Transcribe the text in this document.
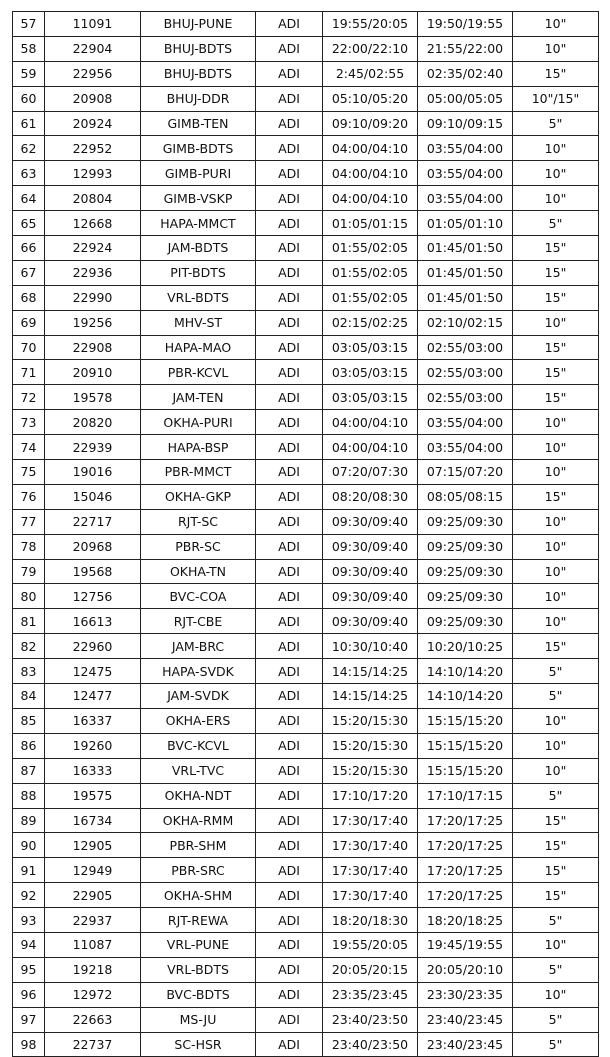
57	11091	BHUJ-PUNE	ADI	19:55/20:05	19:50/19:55	10"
58	22904	BHUJ-BDTS	ADI	22:00/22:10	21:55/22:00	10"
59	22956	BHUJ-BDTS	ADI	2:45/02:55	02:35/02:40	15"
60	20908	BHUJ-DDR	ADI	05:10/05:20	05:00/05:05	10"/15"
61	20924	GIMB-TEN	ADI	09:10/09:20	09:10/09:15	5"
62	22952	GIMB-BDTS	ADI	04:00/04:10	03:55/04:00	10"
63	12993	GIMB-PURI	ADI	04:00/04:10	03:55/04:00	10"
64	20804	GIMB-VSKP	ADI	04:00/04:10	03:55/04:00	10"
65	12668	HAPA-MMCT	ADI	01:05/01:15	01:05/01:10	5"
66	22924	JAM-BDTS	ADI	01:55/02:05	01:45/01:50	15"
67	22936	PIT-BDTS	ADI	01:55/02:05	01:45/01:50	15"
68	22990	VRL-BDTS	ADI	01:55/02:05	01:45/01:50	15"
69	19256	MHV-ST	ADI	02:15/02:25	02:10/02:15	10"
70	22908	HAPA-MAO	ADI	03:05/03:15	02:55/03:00	15"
71	20910	PBR-KCVL	ADI	03:05/03:15	02:55/03:00	15"
72	19578	JAM-TEN	ADI	03:05/03:15	02:55/03:00	15"
73	20820	OKHA-PURI	ADI	04:00/04:10	03:55/04:00	10"
74	22939	HAPA-BSP	ADI	04:00/04:10	03:55/04:00	10"
75	19016	PBR-MMCT	ADI	07:20/07:30	07:15/07:20	10"
76	15046	OKHA-GKP	ADI	08:20/08:30	08:05/08:15	15"
77	22717	RJT-SC	ADI	09:30/09:40	09:25/09:30	10"
78	20968	PBR-SC	ADI	09:30/09:40	09:25/09:30	10"
79	19568	OKHA-TN	ADI	09:30/09:40	09:25/09:30	10"
80	12756	BVC-COA	ADI	09:30/09:40	09:25/09:30	10"
81	16613	RJT-CBE	ADI	09:30/09:40	09:25/09:30	10"
82	22960	JAM-BRC	ADI	10:30/10:40	10:20/10:25	15"
83	12475	HAPA-SVDK	ADI	14:15/14:25	14:10/14:20	5"
84	12477	JAM-SVDK	ADI	14:15/14:25	14:10/14:20	5"
85	16337	OKHA-ERS	ADI	15:20/15:30	15:15/15:20	10"
86	19260	BVC-KCVL	ADI	15:20/15:30	15:15/15:20	10"
87	16333	VRL-TVC	ADI	15:20/15:30	15:15/15:20	10"
88	19575	OKHA-NDT	ADI	17:10/17:20	17:10/17:15	5"
89	16734	OKHA-RMM	ADI	17:30/17:40	17:20/17:25	15"
90	12905	PBR-SHM	ADI	17:30/17:40	17:20/17:25	15"
91	12949	PBR-SRC	ADI	17:30/17:40	17:20/17:25	15"
92	22905	OKHA-SHM	ADI	17:30/17:40	17:20/17:25	15"
93	22937	RJT-REWA	ADI	18:20/18:30	18:20/18:25	5"
94	11087	VRL-PUNE	ADI	19:55/20:05	19:45/19:55	10"
95	19218	VRL-BDTS	ADI	20:05/20:15	20:05/20:10	5"
96	12972	BVC-BDTS	ADI	23:35/23:45	23:30/23:35	10"
97	22663	MS-JU	ADI	23:40/23:50	23:40/23:45	5"
98	22737	SC-HSR	ADI	23:40/23:50	23:40/23:45	5"
